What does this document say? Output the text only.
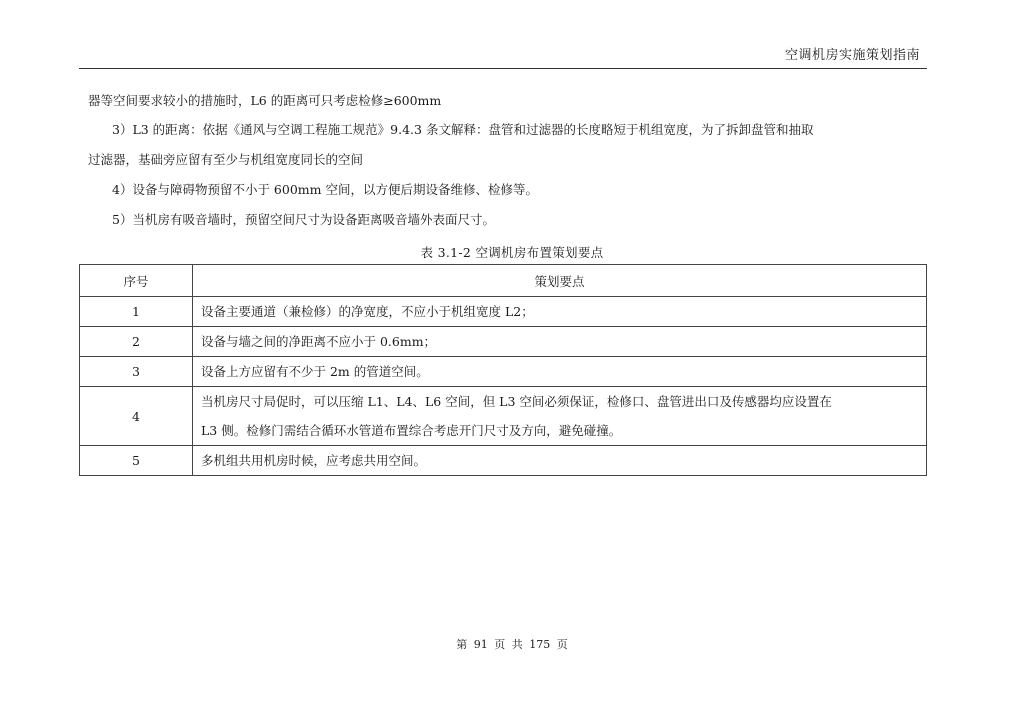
空调机房实施策划指南
器等空间要求较小的措施时，L6 的距离可只考虑检修≥600mm
3）L3 的距离：依据《通风与空调工程施工规范》9.4.3 条文解释：盘管和过滤器的长度略短于机组宽度，为了拆卸盘管和抽取
过滤器，基础旁应留有至少与机组宽度同长的空间
4）设备与障碍物预留不小于 600mm 空间，以方便后期设备维修、检修等。
5）当机房有吸音墙时，预留空间尺寸为设备距离吸音墙外表面尺寸。
表 3.1-2 空调机房布置策划要点
序号	策划要点
1	设备主要通道（兼检修）的净宽度，不应小于机组宽度 L2；
2	设备与墙之间的净距离不应小于 0.6mm；
3	设备上方应留有不少于 2m 的管道空间。
4	当机房尺寸局促时，可以压缩 L1、L4、L6 空间，但 L3 空间必须保证，检修口、盘管进出口及传感器均应设置在
L3 侧。检修门需结合循环水管道布置综合考虑开门尺寸及方向，避免碰撞。

5	多机组共用机房时候，应考虑共用空间。
第 91 页 共 175 页
